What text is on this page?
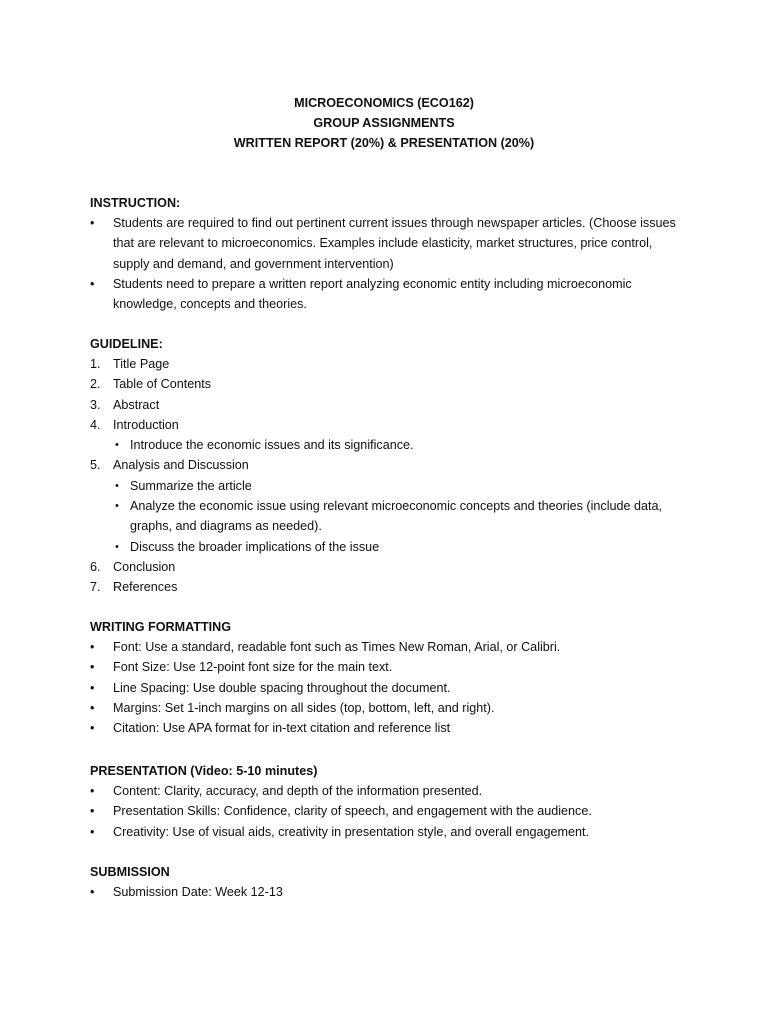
MICROECONOMICS (ECO162)
GROUP ASSIGNMENTS
WRITTEN REPORT (20%) & PRESENTATION (20%)
INSTRUCTION:
• Students are required to find out pertinent current issues through newspaper articles. (Choose issues that are relevant to microeconomics. Examples include elasticity, market structures, price control, supply and demand, and government intervention)
• Students need to prepare a written report analyzing economic entity including microeconomic knowledge, concepts and theories.
GUIDELINE:
1. Title Page
2. Table of Contents
3. Abstract
4. Introduction
• Introduce the economic issues and its significance.
5. Analysis and Discussion
• Summarize the article
• Analyze the economic issue using relevant microeconomic concepts and theories (include data, graphs, and diagrams as needed).
• Discuss the broader implications of the issue
6. Conclusion
7. References
WRITING FORMATTING
• Font: Use a standard, readable font such as Times New Roman, Arial, or Calibri.
• Font Size: Use 12-point font size for the main text.
• Line Spacing: Use double spacing throughout the document.
• Margins: Set 1-inch margins on all sides (top, bottom, left, and right).
• Citation: Use APA format for in-text citation and reference list
PRESENTATION (Video: 5-10 minutes)
• Content: Clarity, accuracy, and depth of the information presented.
• Presentation Skills: Confidence, clarity of speech, and engagement with the audience.
• Creativity: Use of visual aids, creativity in presentation style, and overall engagement.
SUBMISSION
• Submission Date: Week 12-13
